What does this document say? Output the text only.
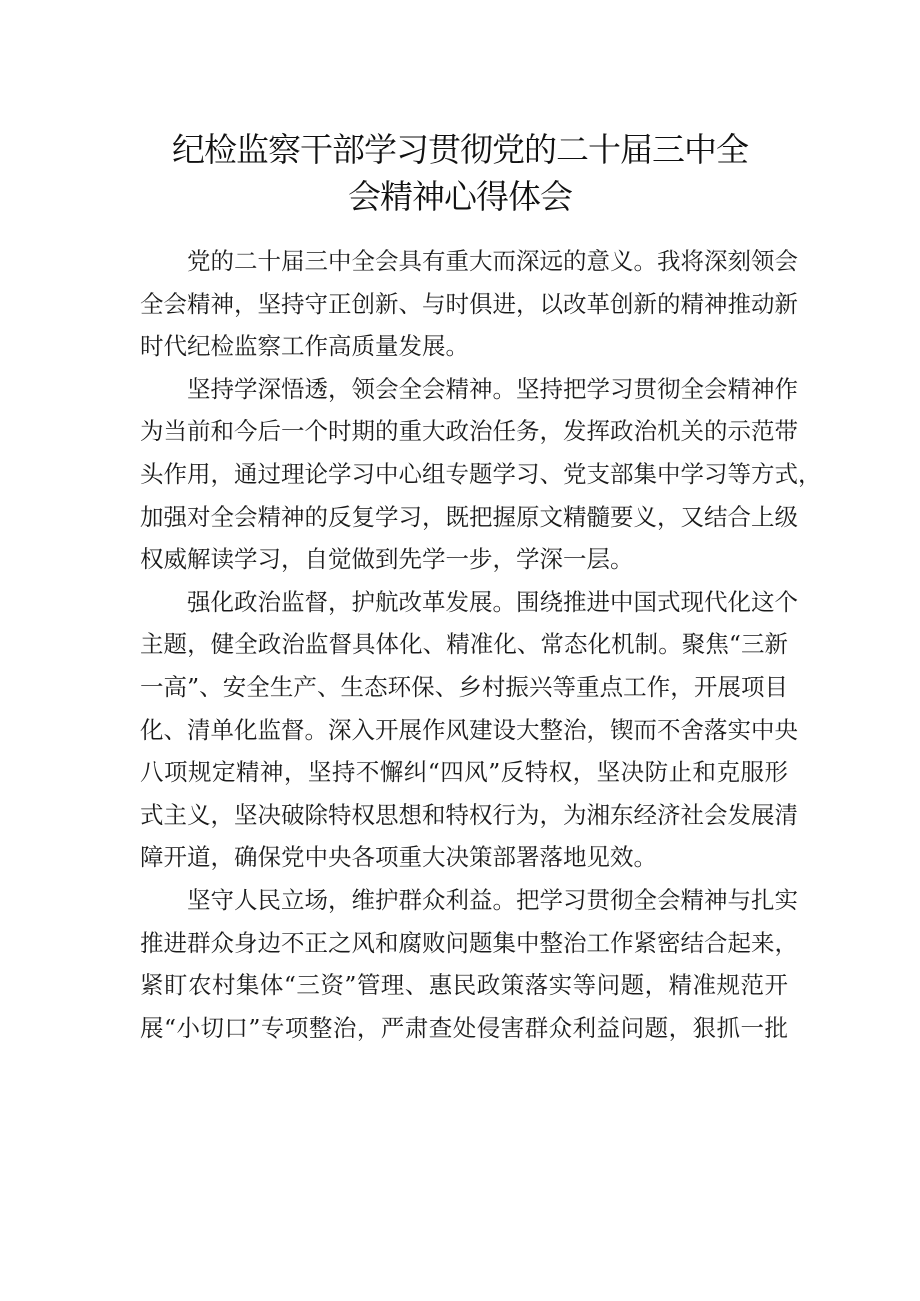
纪检监察干部学习贯彻党的二十届三中全
会精神心得体会
党的二十届三中全会具有重大而深远的意义。我将深刻领会
全会精神，坚持守正创新、与时俱进，以改革创新的精神推动新
时代纪检监察工作高质量发展。
坚持学深悟透，领会全会精神。坚持把学习贯彻全会精神作
为当前和今后一个时期的重大政治任务，发挥政治机关的示范带
头作用，通过理论学习中心组专题学习、党支部集中学习等方式，
加强对全会精神的反复学习，既把握原文精髓要义，又结合上级
权威解读学习，自觉做到先学一步，学深一层。
强化政治监督，护航改革发展。围绕推进中国式现代化这个
主题，健全政治监督具体化、精准化、常态化机制。聚焦“三新
一高”、安全生产、生态环保、乡村振兴等重点工作，开展项目
化、清单化监督。深入开展作风建设大整治，锲而不舍落实中央
八项规定精神，坚持不懈纠“四风”反特权，坚决防止和克服形
式主义，坚决破除特权思想和特权行为，为湘东经济社会发展清
障开道，确保党中央各项重大决策部署落地见效。
坚守人民立场，维护群众利益。把学习贯彻全会精神与扎实
推进群众身边不正之风和腐败问题集中整治工作紧密结合起来，
紧盯农村集体“三资”管理、惠民政策落实等问题，精准规范开
展“小切口”专项整治，严肃查处侵害群众利益问题，狠抓一批
